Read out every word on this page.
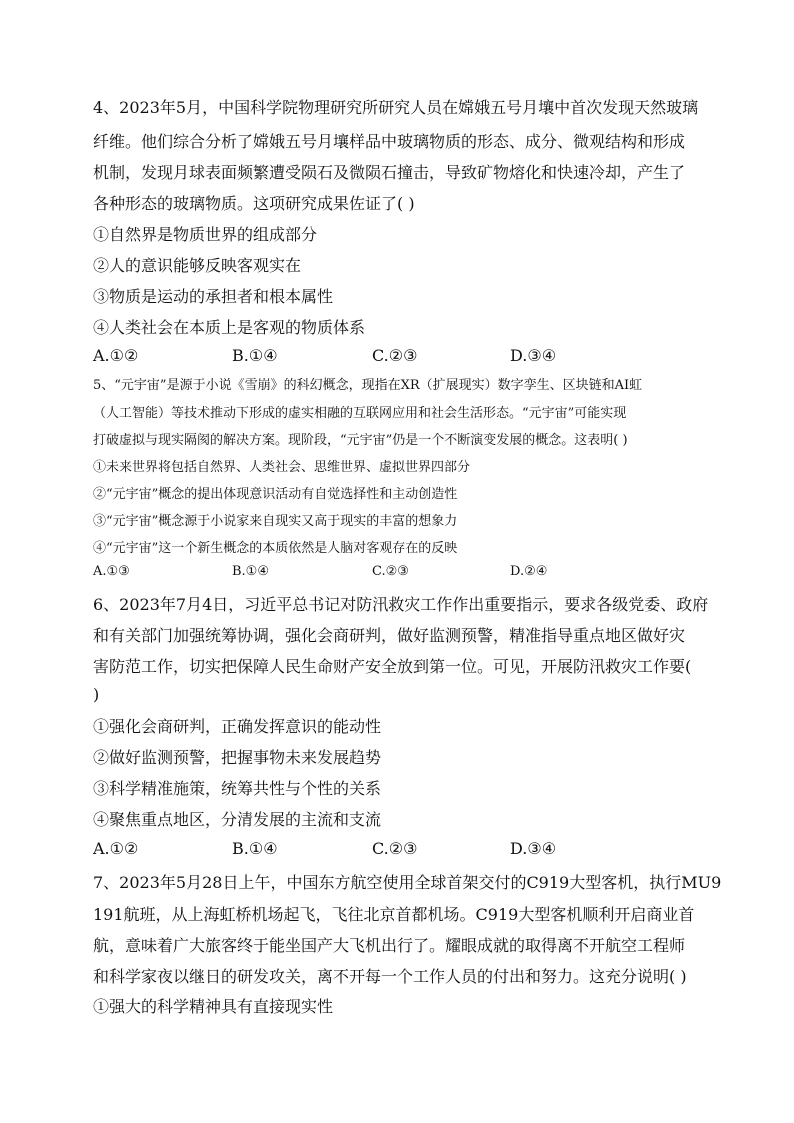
4、2023年5月，中国科学院物理研究所研究人员在嫦娥五号月壤中首次发现天然玻璃
纤维。他们综合分析了嫦娥五号月壤样品中玻璃物质的形态、成分、微观结构和形成
机制，发现月球表面频繁遭受陨石及微陨石撞击，导致矿物熔化和快速冷却，产生了
各种形态的玻璃物质。这项研究成果佐证了( )
①自然界是物质世界的组成部分
②人的意识能够反映客观实在
③物质是运动的承担者和根本属性
④人类社会在本质上是客观的物质体系
A.①②	B.①④	C.②③	D.③④
5、“元宇宙”是源于小说《雪崩》的科幻概念，现指在XR（扩展现实）数字孪生、区块链和AI虹
（人工智能）等技术推动下形成的虚实相融的互联网应用和社会生活形态。“元宇宙”可能实现
打破虚拟与现实隔阂的解决方案。现阶段，“元宇宙”仍是一个不断演变发展的概念。这表明( )
①未来世界将包括自然界、人类社会、思维世界、虚拟世界四部分
②“元宇宙”概念的提出体现意识活动有自觉选择性和主动创造性
③“元宇宙”概念源于小说家来自现实又高于现实的丰富的想象力
④“元宇宙”这一个新生概念的本质依然是人脑对客观存在的反映
A.①③	B.①④	C.②③	D.②④
6、2023年7月4日，习近平总书记对防汛救灾工作作出重要指示，要求各级党委、政府
和有关部门加强统筹协调，强化会商研判，做好监测预警，精准指导重点地区做好灾
害防范工作，切实把保障人民生命财产安全放到第一位。可见，开展防汛救灾工作要(
)
①强化会商研判，正确发挥意识的能动性
②做好监测预警，把握事物未来发展趋势
③科学精准施策，统筹共性与个性的关系
④聚焦重点地区，分清发展的主流和支流
A.①②	B.①④	C.②③	D.③④
7、2023年5月28日上午，中国东方航空使用全球首架交付的C919大型客机，执行MU9
191航班，从上海虹桥机场起飞，飞往北京首都机场。C919大型客机顺利开启商业首
航，意味着广大旅客终于能坐国产大飞机出行了。耀眼成就的取得离不开航空工程师
和科学家夜以继日的研发攻关，离不开每一个工作人员的付出和努力。这充分说明( )
①强大的科学精神具有直接现实性
